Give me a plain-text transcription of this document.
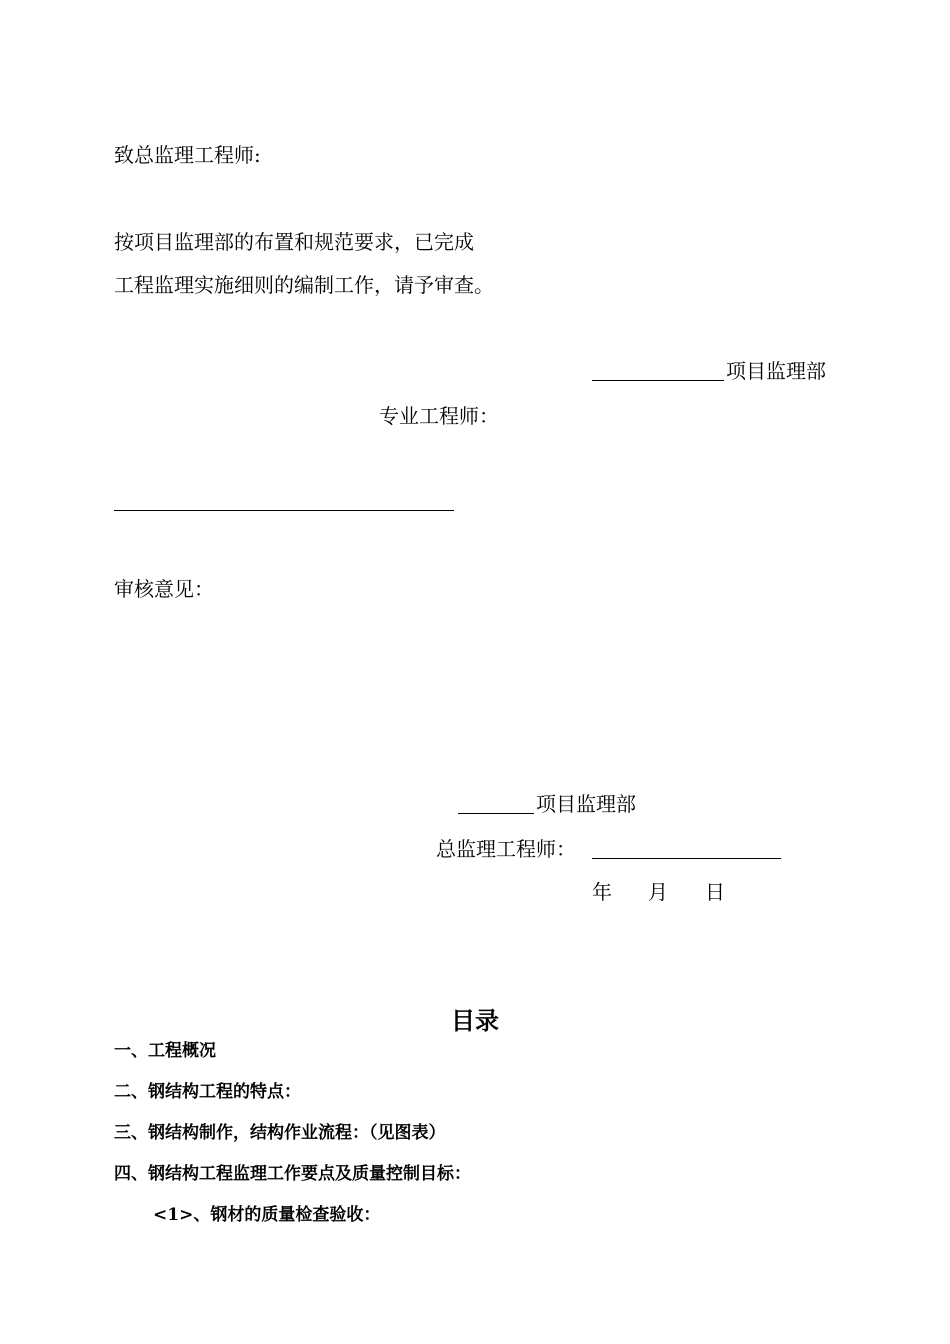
致总监理工程师:
按项目监理部的布置和规范要求，已完成
工程监理实施细则的编制工作，请予审查。
项目监理部
专业工程师：
审核意见：
项目监理部
总监理工程师：
年 月 日
目录
一、工程概况
二、钢结构工程的特点：
三、钢结构制作，结构作业流程：（见图表）
四、钢结构工程监理工作要点及质量控制目标：
<1>、钢材的质量检查验收：
